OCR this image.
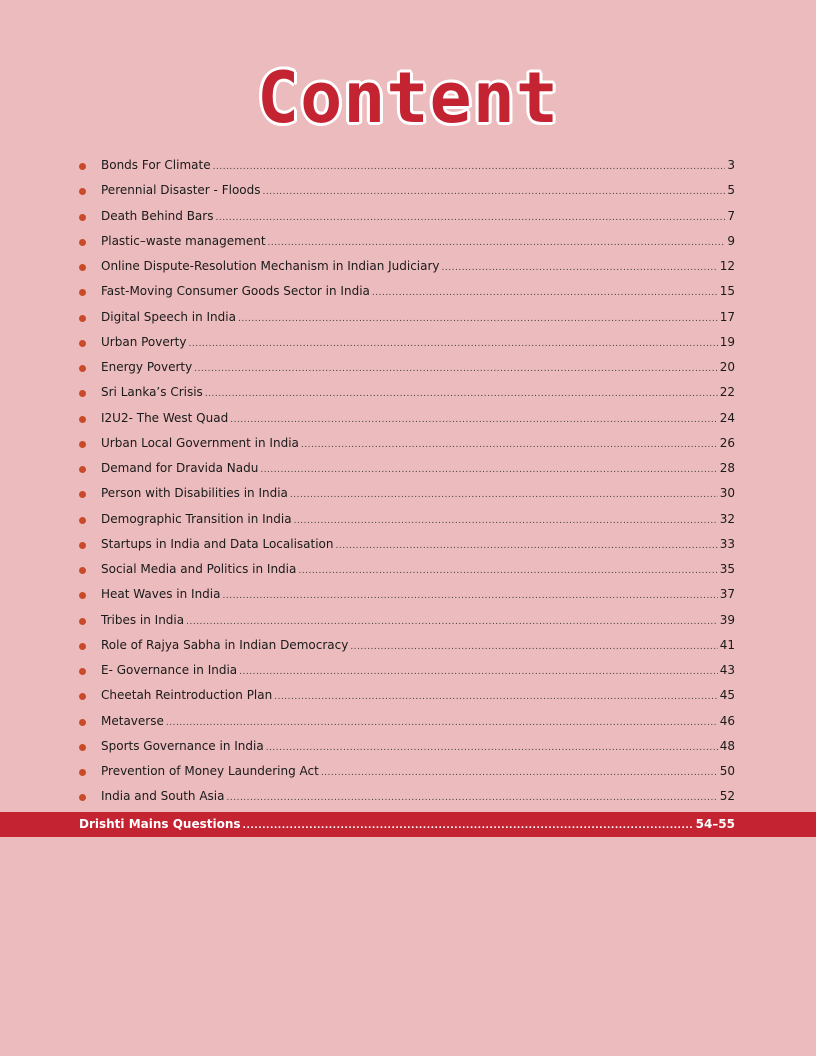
Content
Bonds For Climate .....	3
Perennial Disaster - Floods .....	5
Death Behind Bars .....	7
Plastic–waste management .....	9
Online Dispute-Resolution Mechanism in Indian Judiciary .....	12
Fast-Moving Consumer Goods Sector in India .....	15
Digital Speech in India .....	17
Urban Poverty .....	19
Energy Poverty .....	20
Sri Lanka’s Crisis .....	22
I2U2- The West Quad .....	24
Urban Local Government in India .....	26
Demand for Dravida Nadu .....	28
Person with Disabilities in India .....	30
Demographic Transition in India .....	32
Startups in India and Data Localisation .....	33
Social Media and Politics in India .....	35
Heat Waves in India .....	37
Tribes in India .....	39
Role of Rajya Sabha in Indian Democracy .....	41
E- Governance in India .....	43
Cheetah Reintroduction Plan .....	45
Metaverse .....	46
Sports Governance in India .....	48
Prevention of Money Laundering Act .....	50
India and South Asia .....	52
Drishti Mains Questions .....	54–55
